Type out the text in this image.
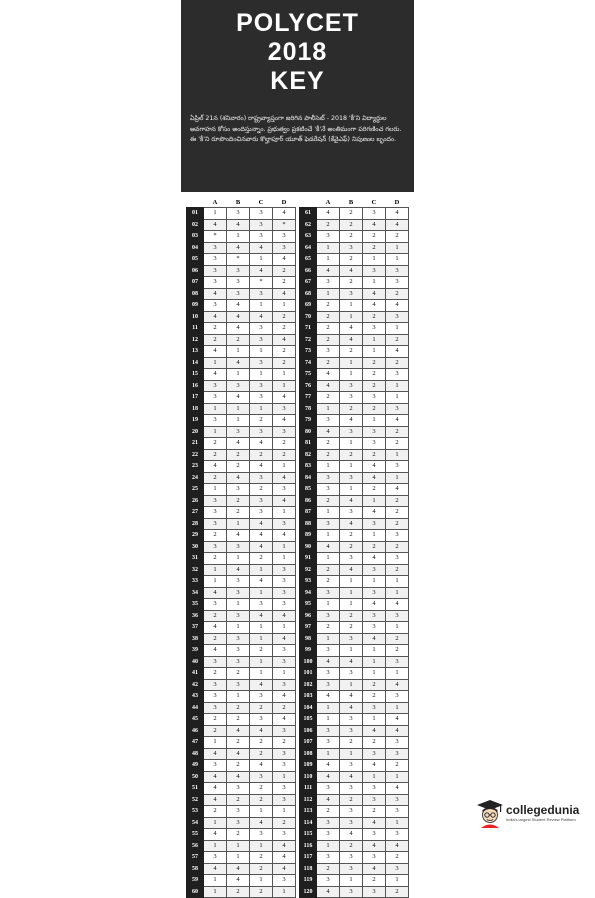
POLYCET
2018
KEY
ఏప్రిల్ 21న (శనివారం) రాష్ట్రవ్యాప్తంగా జరిగిన పాలీసెట్ - 2018 'కీ'ని విద్యార్థుల అవగాహన కోసం అందిస్తున్నాం. ప్రభుత్వం ప్రకటించే 'కీ'నే అంతిమంగా పరిగణించ గలరు. ఈ 'కీ'ని రూపొందించినవారు కొల్హాపూర్ యూత్ ఫెడరేషన్ (కేవైఎఫ్) నిపుణుల బృందం.
	A	B	C	D
01	1	3	3	4
02	4	4	3	*
03	*	1	3	3
04	3	4	4	3
05	3	*	1	4
06	3	3	4	2
07	3	3	*	2
08	4	3	3	4
09	3	4	1	1
10	4	4	4	2
11	2	4	3	2
12	2	2	3	4
13	4	1	1	2
14	1	4	3	2
15	4	1	1	1
16	3	3	3	1
17	3	4	3	4
18	1	1	1	3
19	3	1	2	4
20	1	3	3	3
21	2	4	4	2
22	2	2	2	2
23	4	2	4	1
24	2	4	3	4
25	1	3	2	3
26	3	2	3	4
27	3	2	3	1
28	3	1	4	3
29	2	4	4	4
30	3	3	4	1
31	2	1	2	1
32	1	4	1	3
33	1	3	4	3
34	4	3	1	3
35	3	1	3	3
36	2	3	4	4
37	4	1	1	1
38	2	3	1	4
39	4	3	2	3
40	3	3	1	3
41	2	2	1	1
42	3	3	4	3
43	3	1	3	4
44	3	2	2	2
45	2	2	3	4
46	2	4	4	3
47	1	2	2	2
48	4	4	2	3
49	3	2	4	3
50	4	4	3	1
51	4	3	2	3
52	4	2	2	3
53	2	3	1	1
54	1	3	4	2
55	4	2	3	3
56	1	1	1	4
57	3	1	2	4
58	4	4	2	4
59	1	4	1	3
60	1	2	2	1
	A	B	C	D
61	4	2	3	4
62	2	2	4	4
63	3	2	2	2
64	1	3	2	1
65	1	2	1	1
66	4	4	3	3
67	3	2	1	3
68	1	3	4	2
69	2	1	4	4
70	2	1	2	3
71	2	4	3	1
72	2	4	1	2
73	3	2	1	4
74	2	1	2	2
75	4	1	2	3
76	4	3	2	1
77	2	3	3	1
78	1	2	2	3
79	3	4	1	4
80	4	3	3	2
81	2	1	3	2
82	2	2	2	1
83	1	1	4	3
84	3	3	4	1
85	3	1	2	4
86	2	4	1	2
87	1	3	4	2
88	3	4	3	2
89	1	2	1	3
90	4	2	2	2
91	1	3	4	3
92	2	4	3	2
93	2	1	1	1
94	3	1	3	1
95	1	1	4	4
96	3	2	3	3
97	2	2	3	1
98	1	3	4	2
99	3	1	1	2
100	4	4	1	3
101	3	3	1	1
102	3	1	2	4
103	4	4	2	3
104	1	4	3	1
105	1	3	1	4
106	3	3	4	4
107	3	2	2	3
108	1	1	3	3
109	4	3	4	2
110	4	4	1	1
111	3	3	3	4
112	4	2	3	3
113	2	3	2	3
114	3	3	4	1
115	3	4	3	3
116	1	2	4	4
117	3	3	3	2
118	2	3	4	3
119	3	1	2	1
120	4	3	3	2
collegedunia
India's largest Student Review Platform
